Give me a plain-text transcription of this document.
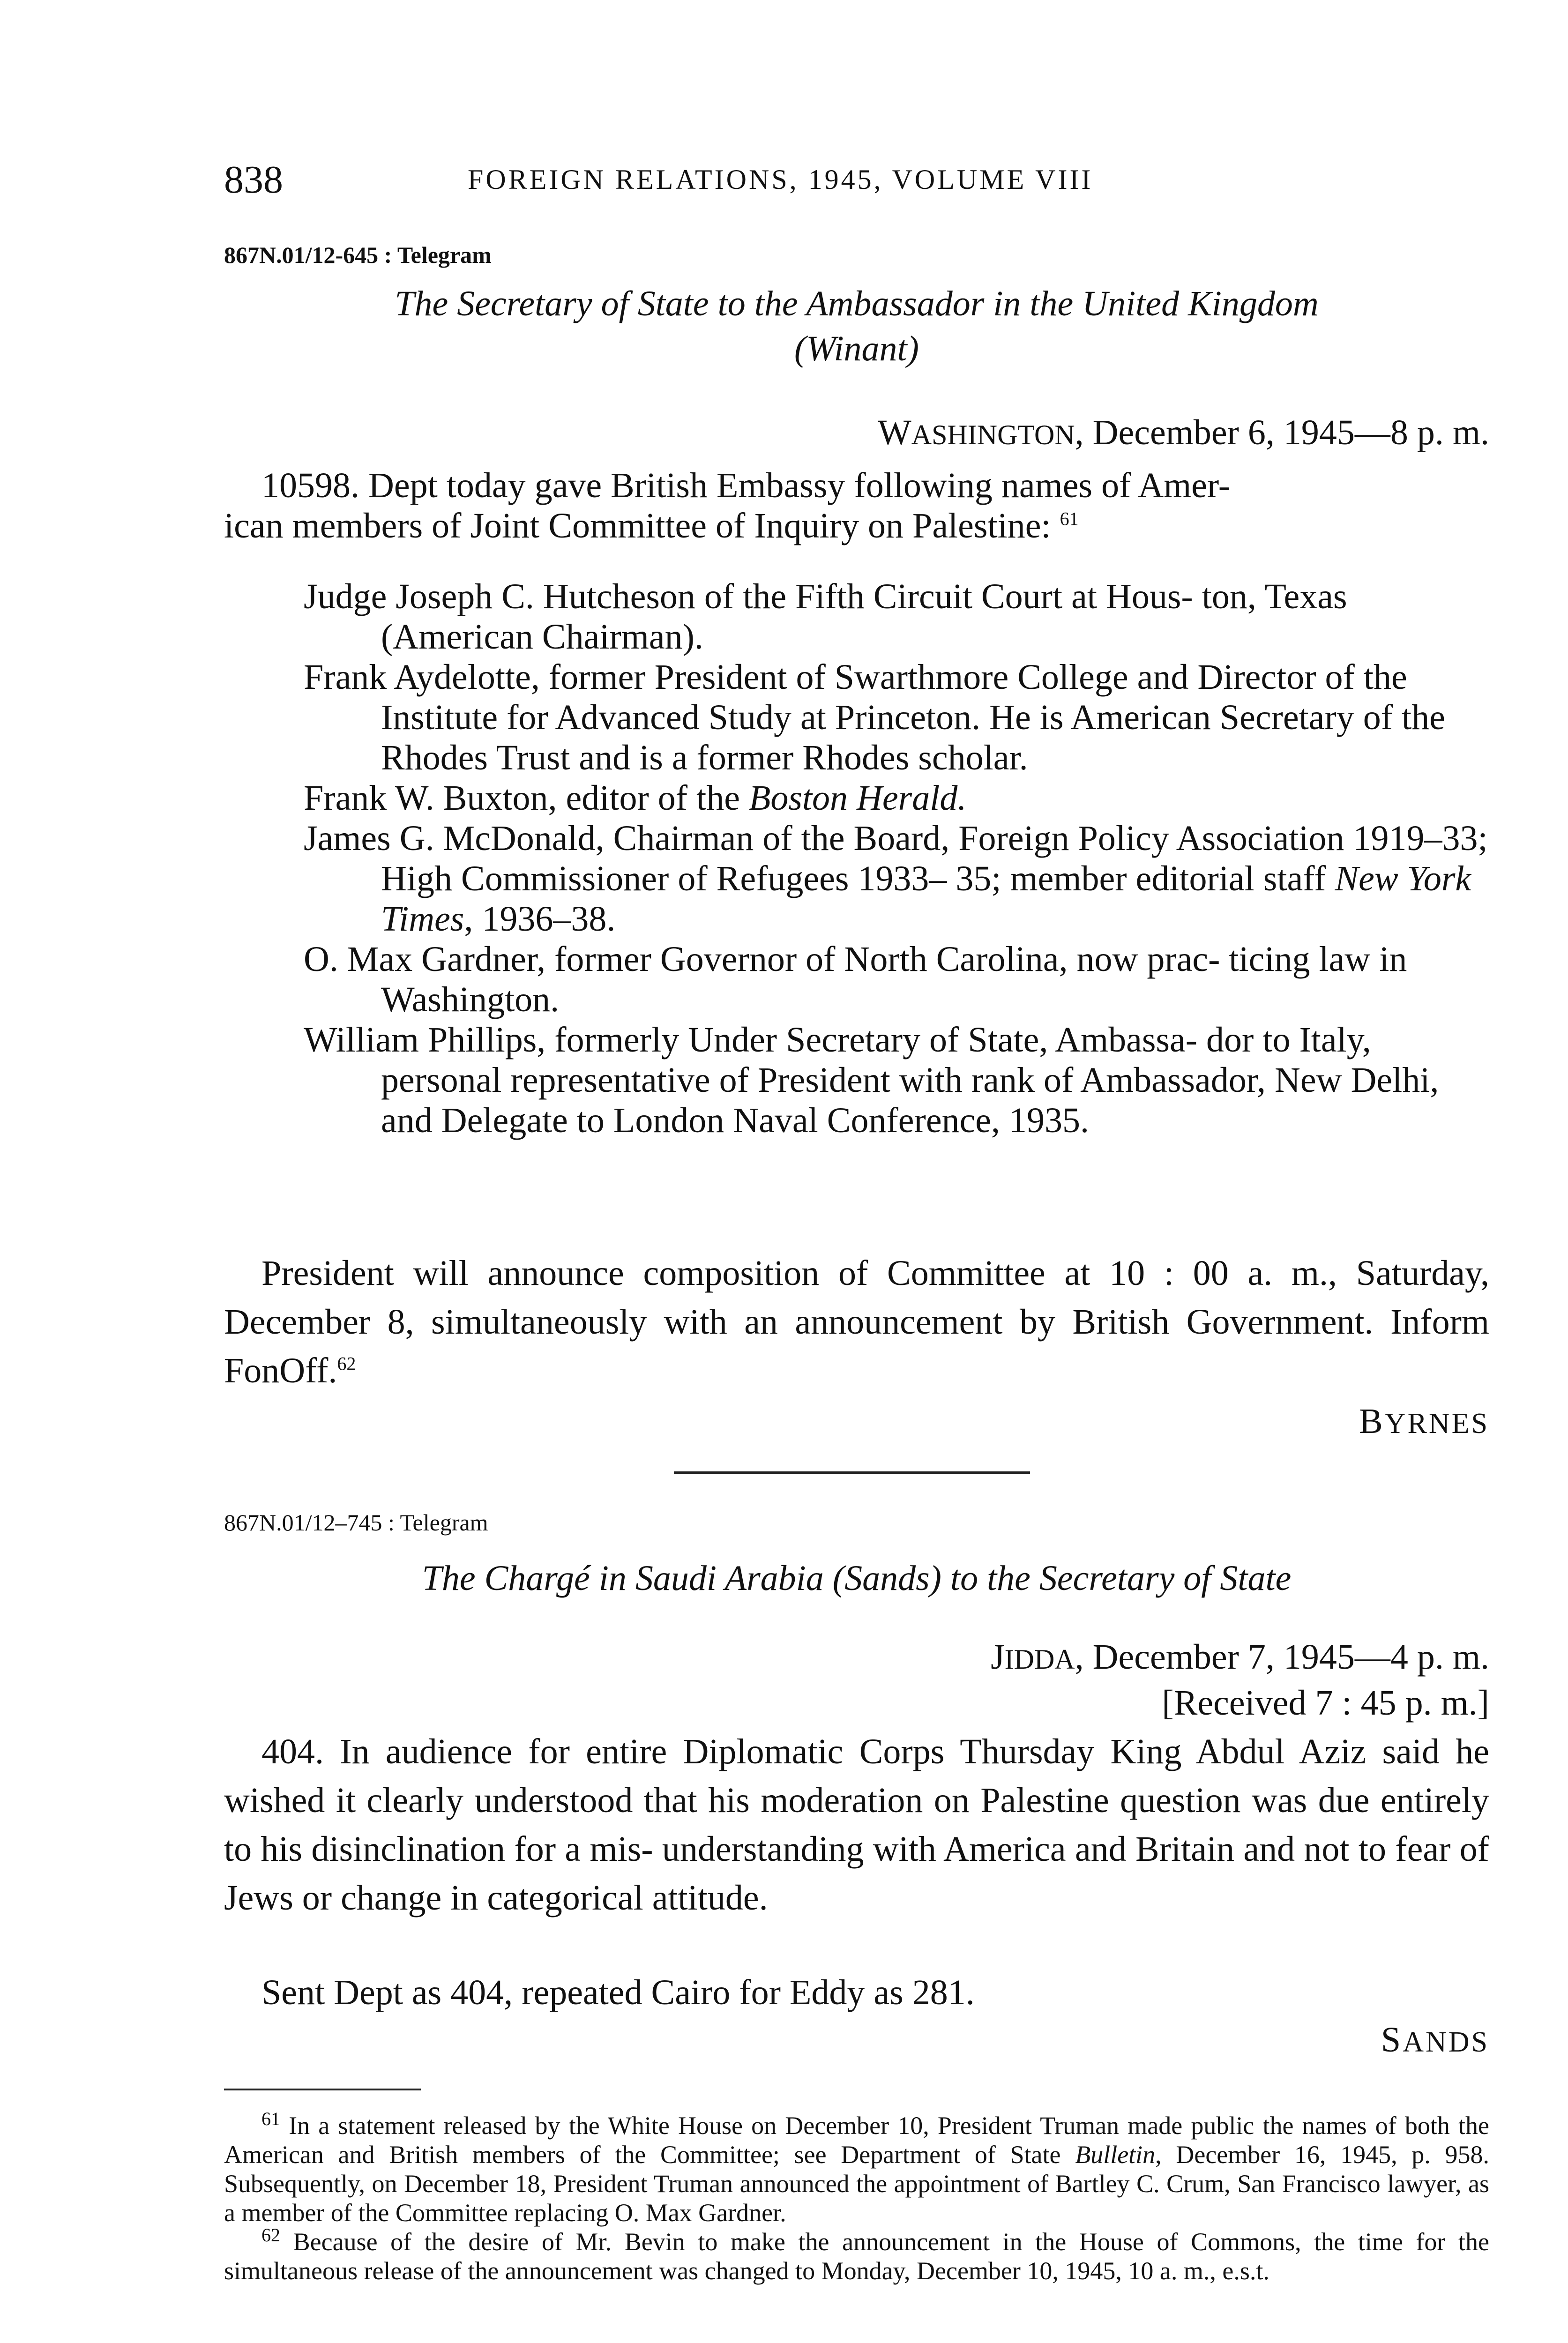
838	FOREIGN RELATIONS, 1945, VOLUME VIII
867N.01/12-645 : Telegram
The Secretary of State to the Ambassador in the United Kingdom
(Winant)
WASHINGTON, December 6, 1945—8 p. m.
10598. Dept today gave British Embassy following names of Amer-
ican members of Joint Committee of Inquiry on Palestine: $^{61}$
Judge Joseph C. Hutcheson of the Fifth Circuit Court at Hous- ton, Texas (American Chairman).
Frank Aydelotte, former President of Swarthmore College and Director of the Institute for Advanced Study at Princeton. He is American Secretary of the Rhodes Trust and is a former Rhodes scholar.
Frank W. Buxton, editor of the Boston Herald.
James G. McDonald, Chairman of the Board, Foreign Policy Association 1919–33; High Commissioner of Refugees 1933– 35; member editorial staff New York Times, 1936–38.
O. Max Gardner, former Governor of North Carolina, now prac- ticing law in Washington.
William Phillips, formerly Under Secretary of State, Ambassa- dor to Italy, personal representative of President with rank of Ambassador, New Delhi, and Delegate to London Naval Conference, 1935.
President will announce composition of Committee at 10 : 00 a. m., Saturday, December 8, simultaneously with an announcement by British Government. Inform FonOff.$^{62}$
BYRNES
867N.01/12–745 : Telegram
The Chargé in Saudi Arabia (Sands) to the Secretary of State
JIDDA, December 7, 1945—4 p. m.
[Received 7 : 45 p. m.]
404. In audience for entire Diplomatic Corps Thursday King Abdul Aziz said he wished it clearly understood that his moderation on Palestine question was due entirely to his disinclination for a mis- understanding with America and Britain and not to fear of Jews or change in categorical attitude.
Sent Dept as 404, repeated Cairo for Eddy as 281.
SANDS
$^{61}$ In a statement released by the White House on December 10, President Truman made public the names of both the American and British members of the Committee; see Department of State Bulletin, December 16, 1945, p. 958. Subsequently, on December 18, President Truman announced the appointment of Bartley C. Crum, San Francisco lawyer, as a member of the Committee replacing O. Max Gardner.
$^{62}$ Because of the desire of Mr. Bevin to make the announcement in the House of Commons, the time for the simultaneous release of the announcement was changed to Monday, December 10, 1945, 10 a. m., e.s.t.
